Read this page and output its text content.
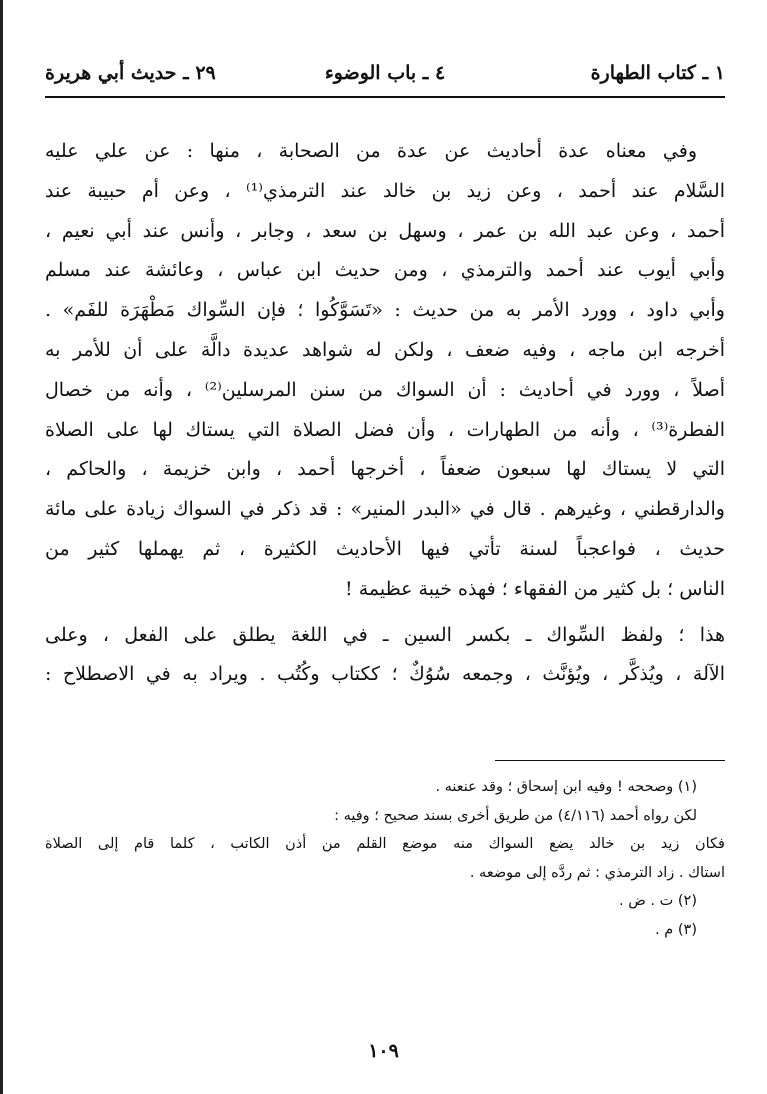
١ ـ كتاب الطهارة
٤ ـ باب الوضوء
٢٩ ـ حديث أبي هريرة
وفي معناه عدة أحاديث عن عدة من الصحابة ، منها : عن علي عليه
السَّلام عند أحمد ، وعن زيد بن خالد عند الترمذي⁽¹⁾ ، وعن أم حبيبة عند
أحمد ، وعن عبد الله بن عمر ، وسهل بن سعد ، وجابر ، وأنس عند أبي نعيم ،
وأبي أيوب عند أحمد والترمذي ، ومن حديث ابن عباس ، وعائشة عند مسلم
وأبي داود ، وورد الأمر به من حديث : «تَسَوَّكُوا ؛ فإن السِّواك مَطْهَرَة للفَم» .
أخرجه ابن ماجه ، وفيه ضعف ، ولكن له شواهد عديدة دالَّة على أن للأمر به
أصلاً ، وورد في أحاديث : أن السواك من سنن المرسلين⁽²⁾ ، وأنه من خصال
الفطرة⁽³⁾ ، وأنه من الطهارات ، وأن فضل الصلاة التي يستاك لها على الصلاة
التي لا يستاك لها سبعون ضعفاً ، أخرجها أحمد ، وابن خزيمة ، والحاكم ،
والدارقطني ، وغيرهم . قال في «البدر المنير» : قد ذكر في السواك زيادة على مائة
حديث ، فواعجباً لسنة تأتي فيها الأحاديث الكثيرة ، ثم يهملها كثير من
الناس ؛ بل كثير من الفقهاء ؛ فهذه خيبة عظيمة !
هذا ؛ ولفظ السِّواك ـ بكسر السين ـ في اللغة يطلق على الفعل ، وعلى
الآلة ، ويُذكَّر ، ويُؤنَّث ، وجمعه سُوُكٌ ؛ ككتاب وكُتُب . ويراد به في الاصطلاح :
(١) وصححه ! وفيه ابن إسحاق ؛ وقد عنعنه .
لكن رواه أحمد (٤/١١٦) من طريق أخرى بسند صحيح ؛ وفيه :
فكان زيد بن خالد يضع السواك منه موضع القلم من أذن الكاتب ، كلما قام إلى الصلاة
استاك . زاد الترمذي : ثم ردَّه إلى موضعه .
(٢) ت . ض .
(٣) م .
١٠٩
